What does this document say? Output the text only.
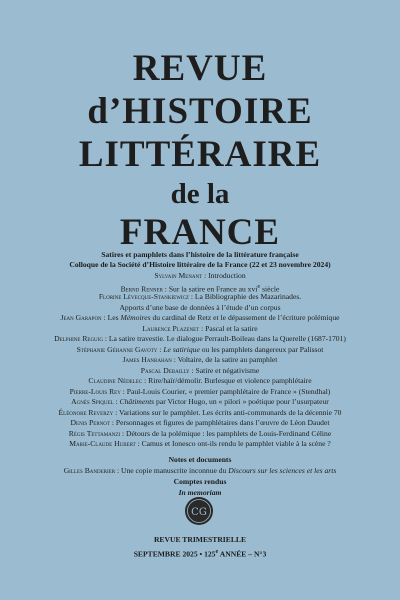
REVUE
d’HISTOIRE
LITTÉRAIRE
de la
FRANCE
Satires et pamphlets dans l’histoire de la littérature française
Colloque de la Société d’Histoire littéraire de la France (22 et 23 novembre 2024)
Sylvain Menant : Introduction
Bernd Renner : Sur la satire en France au xvi$^e$ siècle
Florine Lévecque-Stankiewicz : La Bibliographie des Mazarinades.
Apports d’une base de données à l’étude d’un corpus
Jean Garapon : Les Mémoires du cardinal de Retz et le dépassement de l’écriture polémique
Laurence Plazenet : Pascal et la satire
Delphine Reguig : La satire travestie. Le dialogue Perrault-Boileau dans la Querelle (1687-1701)
Stéphanie Géhanne Gavoty : Le satirique ou les pamphlets dangereux par Palissot
James Hanrahan : Voltaire, de la satire au pamphlet
Pascal Debailly : Satire et négativisme
Claudine Nédelec : Rire/haïr/démolir. Burlesque et violence pamphlétaire
Pierre-Louis Rey : Paul-Louis Courier, « premier pamphlétaire de France » (Stendhal)
Agnès Spiquel : Châtiments par Victor Hugo, un « pilori » poétique pour l’usurpateur
Éléonore Reverzy : Variations sur le pamphlet. Les écrits anti-communards de la décennie 70
Denis Pernot : Personnages et figures de pamphlétaires dans l’œuvre de Léon Daudet
Régis Tettamanzi : Détours de la polémique : les pamphlets de Louis-Ferdinand Céline
Marie-Claude Hubert : Camus et Ionesco ont-ils rendu le pamphlet viable à la scène ?
Notes et documents
Gilles Banderier : Une copie manuscrite inconnue du Discours sur les sciences et les arts
Comptes rendus
In memoriam
CG
REVUE TRIMESTRIELLE
SEPTEMBRE 2025 • 125e ANNÉE – N°3
